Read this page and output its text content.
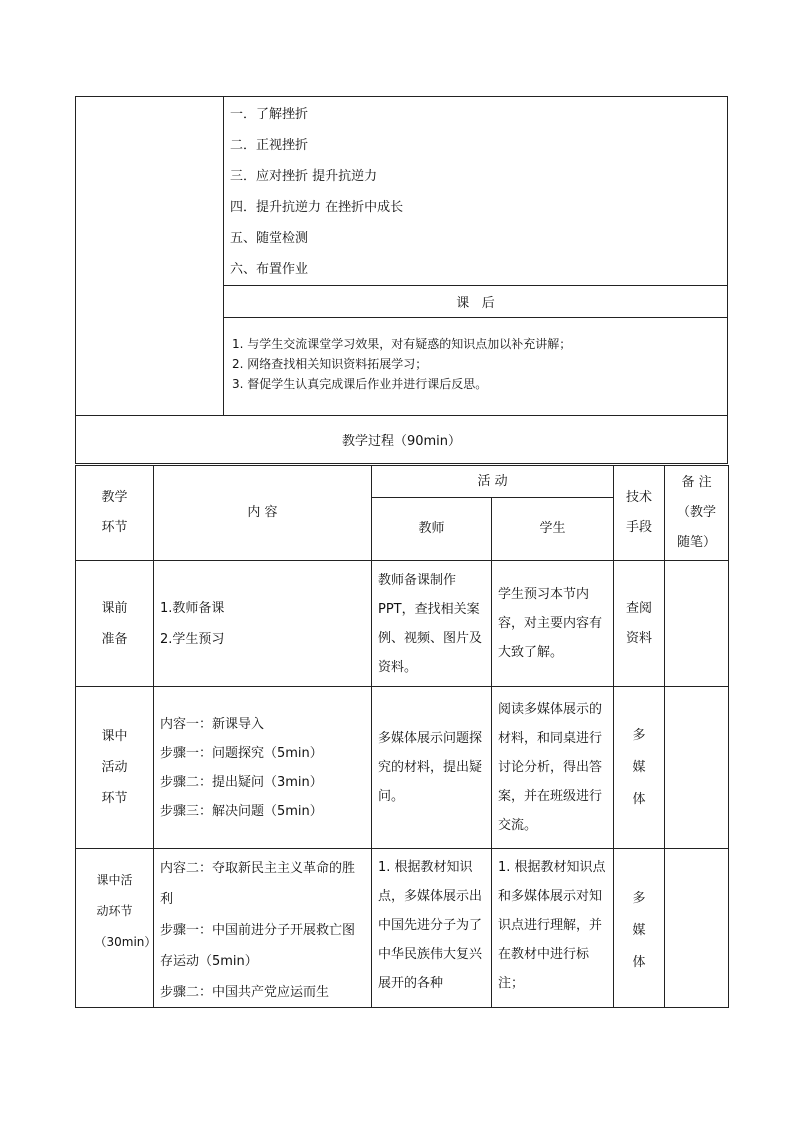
一．了解挫折
二．正视挫折
三．应对挫折 提升抗逆力
四．提升抗逆力 在挫折中成长
五、随堂检测
六、布置作业

课   后

1. 与学生交流课堂学习效果，对有疑惑的知识点加以补充讲解；
2. 网络查找相关知识资料拓展学习；
3. 督促学生认真完成课后作业并进行课后反思。

教学过程（90min）
教学环节	内 容	活 动		技术手段	备 注（教学随笔）

		教师	学生		

课前准备	1.教师备课
2.学生预习	教师备课制作PPT，查找相关案例、视频、图片及资料。	学生预习本节内容，对主要内容有大致了解。	查阅资料	

课中活动环节	内容一：新课导入
步骤一：问题探究（5min）
步骤二：提出疑问（3min）
步骤三：解决问题（5min）	多媒体展示问题探究的材料，提出疑问。	阅读多媒体展示的材料，和同桌进行讨论分析，得出答案，并在班级进行交流。	多媒体	

课中活动环节（30min）	内容二：夺取新民主主义革命的胜利
步骤一：中国前进分子开展救亡图存运动（5min）
步骤二：中国共产党应运而生	1. 根据教材知识点，多媒体展示出中国先进分子为了中华民族伟大复兴展开的各种	1. 根据教材知识点和多媒体展示对知识点进行理解，并在教材中进行标注；	多媒体	
